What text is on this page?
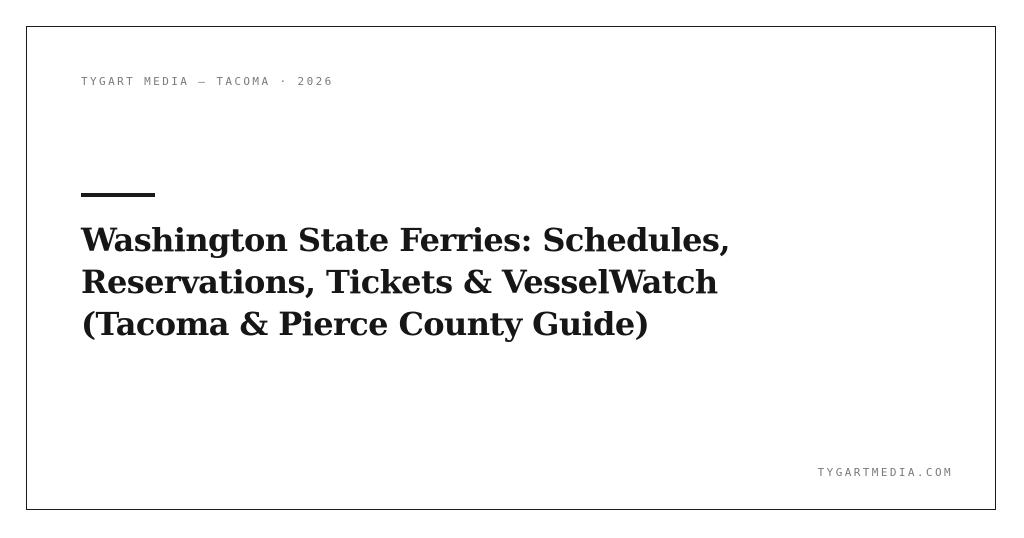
TYGART MEDIA — TACOMA · 2026
Washington State Ferries: Schedules,
Reservations, Tickets & VesselWatch
(Tacoma & Pierce County Guide)
TYGARTMEDIA.COM
